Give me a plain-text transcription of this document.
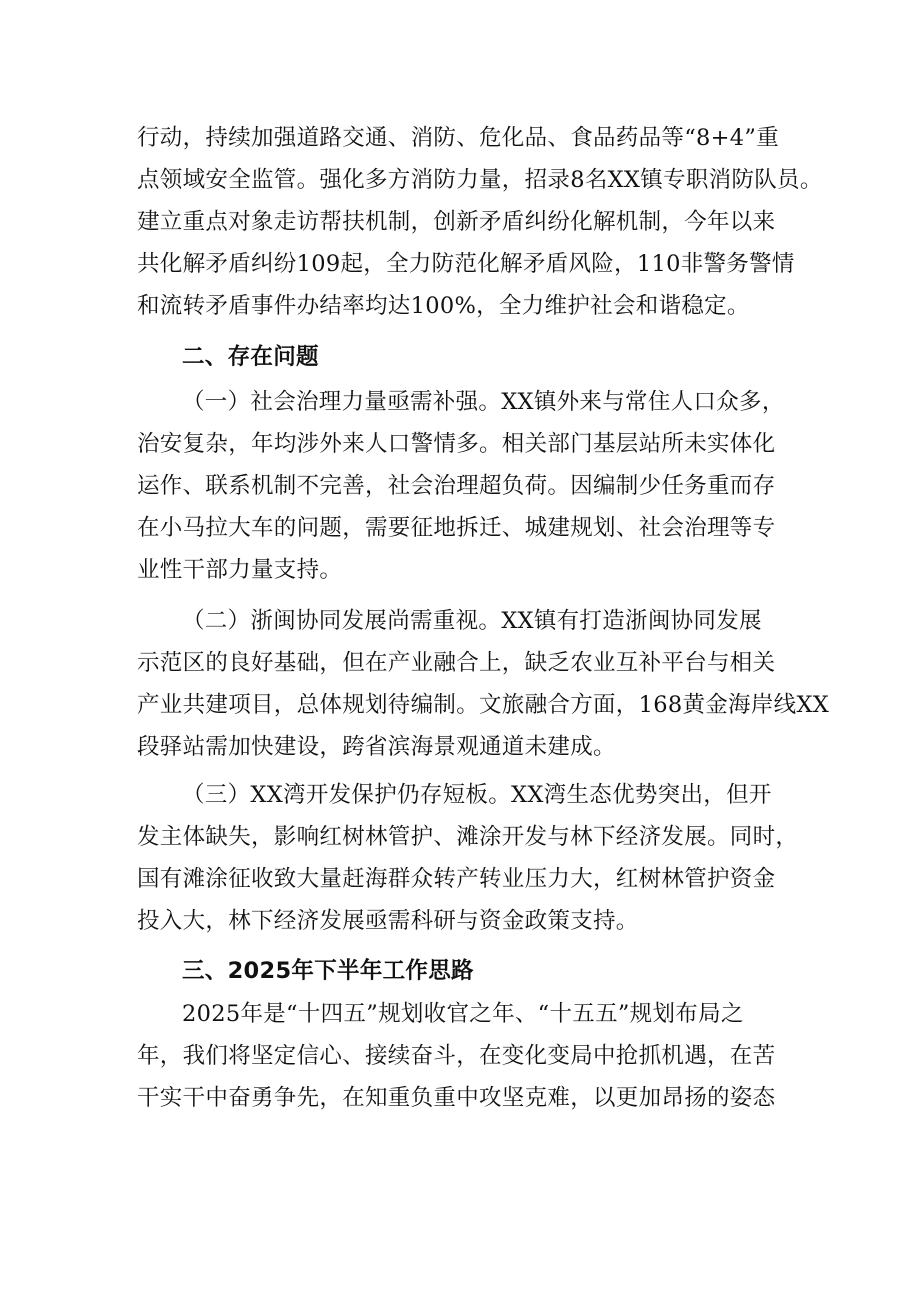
行动，持续加强道路交通、消防、危化品、食品药品等“8+4”重
点领域安全监管。强化多方消防力量，招录8名XX镇专职消防队员。
建立重点对象走访帮扶机制，创新矛盾纠纷化解机制，今年以来
共化解矛盾纠纷109起，全力防范化解矛盾风险，110非警务警情
和流转矛盾事件办结率均达100%，全力维护社会和谐稳定。
二、存在问题
（一）社会治理力量亟需补强。XX镇外来与常住人口众多，
治安复杂，年均涉外来人口警情多。相关部门基层站所未实体化
运作、联系机制不完善，社会治理超负荷。因编制少任务重而存
在小马拉大车的问题，需要征地拆迁、城建规划、社会治理等专
业性干部力量支持。
（二）浙闽协同发展尚需重视。XX镇有打造浙闽协同发展
示范区的良好基础，但在产业融合上，缺乏农业互补平台与相关
产业共建项目，总体规划待编制。文旅融合方面，168黄金海岸线XX
段驿站需加快建设，跨省滨海景观通道未建成。
（三）XX湾开发保护仍存短板。XX湾生态优势突出，但开
发主体缺失，影响红树林管护、滩涂开发与林下经济发展。同时，
国有滩涂征收致大量赶海群众转产转业压力大，红树林管护资金
投入大，林下经济发展亟需科研与资金政策支持。
三、2025年下半年工作思路
2025年是“十四五”规划收官之年、“十五五”规划布局之
年，我们将坚定信心、接续奋斗，在变化变局中抢抓机遇，在苦
干实干中奋勇争先，在知重负重中攻坚克难，以更加昂扬的姿态
